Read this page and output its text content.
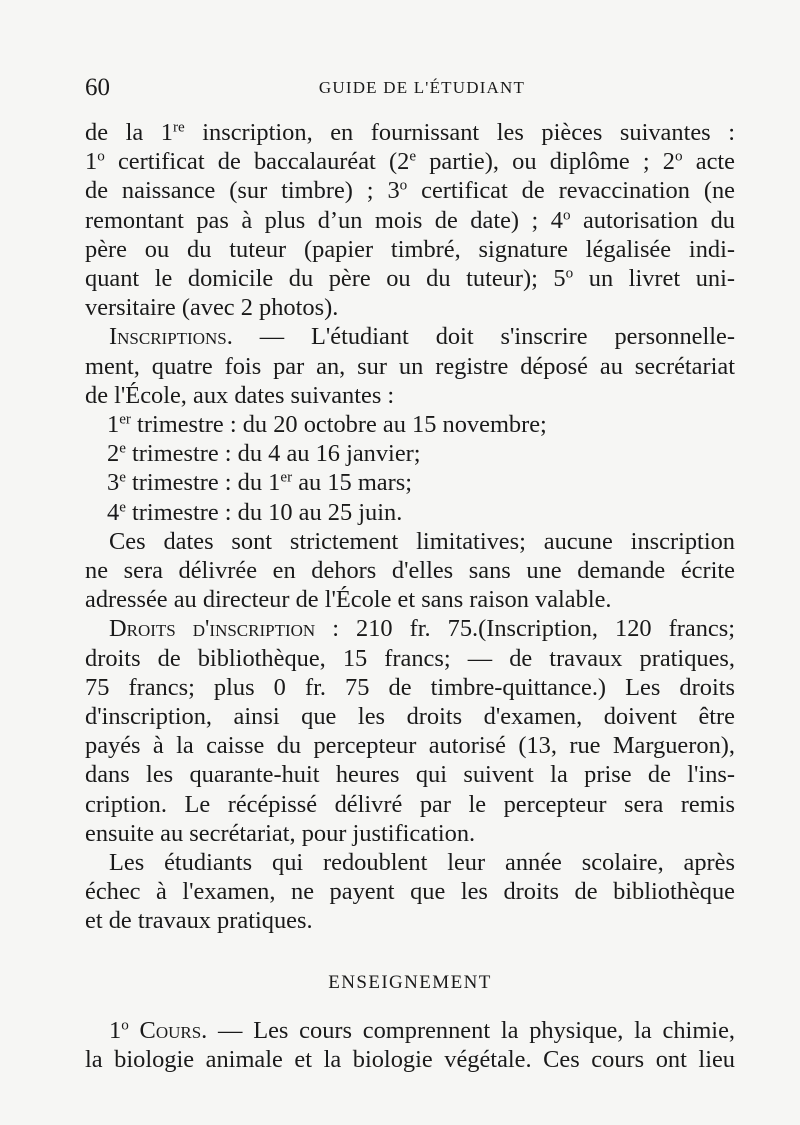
60	GUIDE DE L'ÉTUDIANT

de la 1re inscription, en fournissant les pièces suivantes :
1$^o$ certificat de baccalauréat (2e partie), ou diplôme ; 2$^o$ acte
de naissance (sur timbre) ; 3$^o$ certificat de revaccination (ne
remontant pas à plus d’un mois de date) ; 4$^o$ autorisation du
père ou du tuteur (papier timbré, signature légalisée indi-
quant le domicile du père ou du tuteur); 5$^o$ un livret uni-
versitaire (avec 2 photos).

Inscriptions. — L'étudiant doit s'inscrire personnelle-
ment, quatre fois par an, sur un registre déposé au secrétariat
de l'École, aux dates suivantes :
1er trimestre : du 20 octobre au 15 novembre;
2e trimestre : du 4 au 16 janvier;
3e trimestre : du 1er au 15 mars;
4e trimestre : du 10 au 25 juin.

Ces dates sont strictement limitatives; aucune inscription
ne sera délivrée en dehors d'elles sans une demande écrite
adressée au directeur de l'École et sans raison valable.

Droits d'inscription : 210 fr. 75.(Inscription, 120 francs;
droits de bibliothèque, 15 francs; — de travaux pratiques,
75 francs; plus 0 fr. 75 de timbre-quittance.) Les droits
d'inscription, ainsi que les droits d'examen, doivent être
payés à la caisse du percepteur autorisé (13, rue Margueron),
dans les quarante-huit heures qui suivent la prise de l'ins-
cription. Le récépissé délivré par le percepteur sera remis
ensuite au secrétariat, pour justification.

Les étudiants qui redoublent leur année scolaire, après
échec à l'examen, ne payent que les droits de bibliothèque
et de travaux pratiques.

ENSEIGNEMENT

1$^o$ Cours. — Les cours comprennent la physique, la chimie,
la biologie animale et la biologie végétale. Ces cours ont lieu
